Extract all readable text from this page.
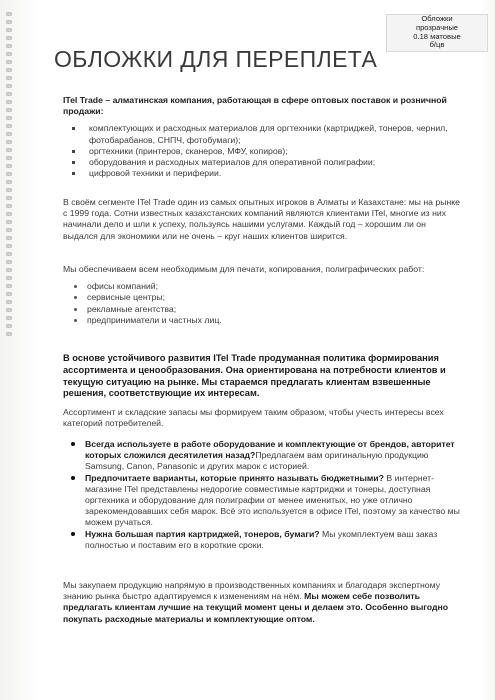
Обложки
прозрачные
0.18 матовые
б/цв
ОБЛОЖКИ ДЛЯ ПЕРЕПЛЕТА

ITel Trade – алматинская компания, работающая в сфере оптовых поставок и розничной продажи:

комплектующих и расходных материалов для оргтехники (картриджей, тонеров, чернил, фотобарабанов, СНПЧ, фотобумаги);
оргтехники (принтеров, сканеров, МФУ, копиров);
оборудования и расходных материалов для оперативной полиграфии;
цифровой техники и периферии.

В своём сегменте ITel Trade один из самых опытных игроков в Алматы и Казахстане: мы на рынке с 1999 года. Сотни известных казахстанских компаний являются клиентами ITel, многие из них начинали дело и шли к успеху, пользуясь нашими услугами. Каждый год – хорошим ли он выдался для экономики или не очень – круг наших клиентов ширится.

Мы обеспечиваем всем необходимым для печати, копирования, полиграфических работ:

офисы компаний;
сервисные центры;
рекламные агентства;
предприниматели и частных лиц.

В основе устойчивого развития ITel Trade продуманная политика формирования ассортимента и ценообразования. Она ориентирована на потребности клиентов и текущую ситуацию на рынке. Мы стараемся предлагать клиентам взвешенные решения, соответствующие их интересам.

Ассортимент и складские запасы мы формируем таким образом, чтобы учесть интересы всех категорий потребителей.

Всегда используете в работе оборудование и комплектующие от брендов, авторитет которых сложился десятилетия назад?Предлагаем вам оригинальную продукцию Samsung, Canon, Panasonic и других марок с историей.
Предпочитаете варианты, которые принято называть бюджетными? В интернет-магазине ITel представлены недорогие совместимые картриджи и тонеры, доступная оргтехника и оборудование для полиграфии от менее именитых, но уже отлично зарекомендовавших себя марок. Всё это используется в офисе ITel, поэтому за качество мы можем ручаться.
Нужна большая партия картриджей, тонеров, бумаги? Мы укомплектуем ваш заказ полностью и поставим его в короткие сроки.

Мы закупаем продукцию напрямую в производственных компаниях и благодаря экспертному знанию рынка быстро адаптируемся к изменениям на нём. Мы можем себе позволить предлагать клиентам лучшие на текущий момент цены и делаем это. Особенно выгодно покупать расходные материалы и комплектующие оптом.
